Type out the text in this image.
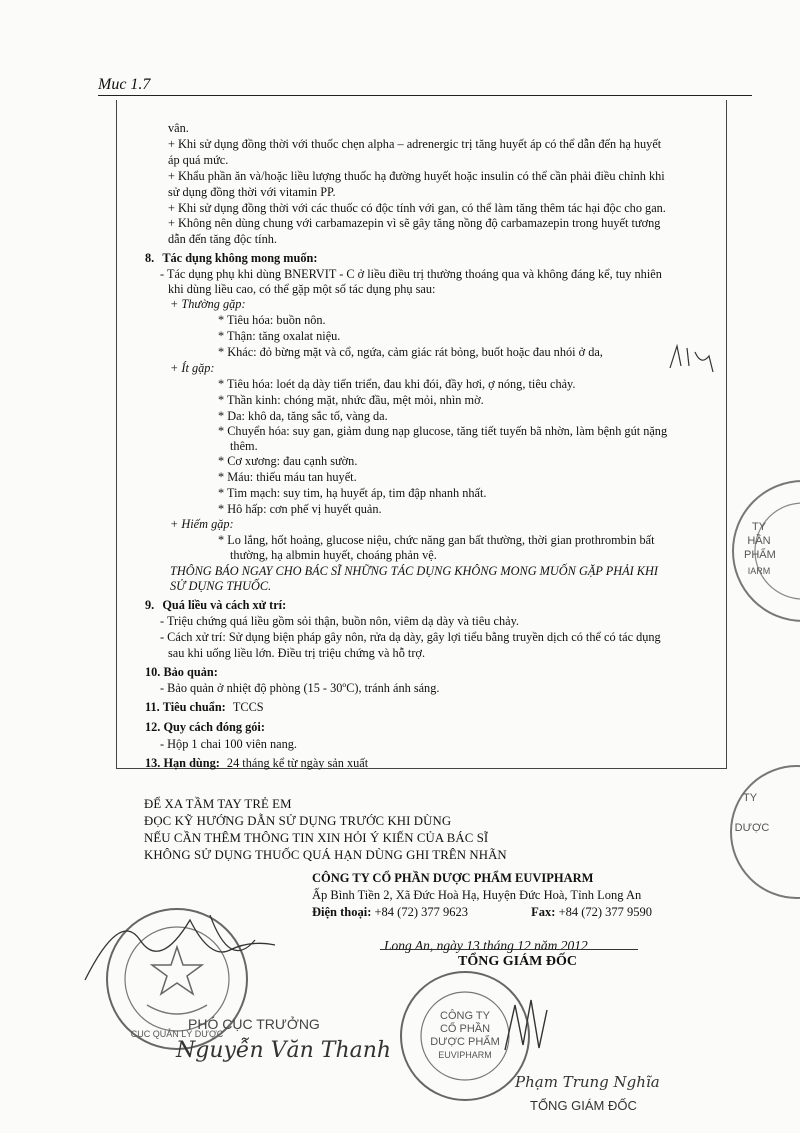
Muc 1.7
vân.
+ Khi sử dụng đồng thời với thuốc chẹn alpha – adrenergic trị tăng huyết áp có thể dẫn đến hạ huyết
áp quá mức.
+ Khẩu phần ăn và/hoặc liều lượng thuốc hạ đường huyết hoặc insulin có thể cần phải điều chỉnh khi
sử dụng đồng thời với vitamin PP.
+ Khi sử dụng đồng thời với các thuốc có độc tính với gan, có thể làm tăng thêm tác hại độc cho gan.
+ Không nên dùng chung với carbamazepin vì sẽ gây tăng nồng độ carbamazepin trong huyết tương
dẫn đến tăng độc tính.
8. Tác dụng không mong muốn:
- Tác dụng phụ khi dùng BNERVIT - C ở liều điều trị thường thoáng qua và không đáng kể, tuy nhiên
khi dùng liều cao, có thể gặp một số tác dụng phụ sau:
+ Thường gặp:
* Tiêu hóa: buồn nôn.
* Thận: tăng oxalat niệu.
* Khác: đỏ bừng mặt và cổ, ngứa, cảm giác rát bỏng, buốt hoặc đau nhói ở da,
+ Ít gặp:
* Tiêu hóa: loét dạ dày tiến triển, đau khi đói, đầy hơi, ợ nóng, tiêu chảy.
* Thần kinh: chóng mặt, nhức đầu, mệt mỏi, nhìn mờ.
* Da: khô da, tăng sắc tố, vàng da.
* Chuyển hóa: suy gan, giảm dung nạp glucose, tăng tiết tuyến bã nhờn, làm bệnh gút nặng
thêm.
* Cơ xương: đau cạnh sườn.
* Máu: thiếu máu tan huyết.
* Tim mạch: suy tim, hạ huyết áp, tim đập nhanh nhất.
* Hô hấp: cơn phế vị huyết quản.
+ Hiếm gặp:
* Lo lắng, hốt hoảng, glucose niệu, chức năng gan bất thường, thời gian prothrombin bất
thường, hạ albmin huyết, choáng phản vệ.
THÔNG BÁO NGAY CHO BÁC SĨ NHỮNG TÁC DỤNG KHÔNG MONG MUỐN GẶP PHẢI KHI
SỬ DỤNG THUỐC.
9. Quá liều và cách xử trí:
- Triệu chứng quá liều gồm sỏi thận, buồn nôn, viêm dạ dày và tiêu chảy.
- Cách xử trí: Sử dụng biện pháp gây nôn, rửa dạ dày, gây lợi tiểu bằng truyền dịch có thể có tác dụng
sau khi uống liều lớn. Điều trị triệu chứng và hỗ trợ.
10. Bảo quản:
- Bảo quản ở nhiệt độ phòng (15 - 30ºC), tránh ánh sáng.
11. Tiêu chuẩn: TCCS
12. Quy cách đóng gói:
- Hộp 1 chai 100 viên nang.
13. Hạn dùng: 24 tháng kể từ ngày sản xuất
ĐỂ XA TẦM TAY TRẺ EM
ĐỌC KỸ HƯỚNG DẪN SỬ DỤNG TRƯỚC KHI DÙNG
NẾU CẦN THÊM THÔNG TIN XIN HỎI Ý KIẾN CỦA BÁC SĨ
KHÔNG SỬ DỤNG THUỐC QUÁ HẠN DÙNG GHI TRÊN NHÃN
CÔNG TY CỔ PHẦN DƯỢC PHẨM EUVIPHARM
Ấp Bình Tiền 2, Xã Đức Hoà Hạ, Huyện Đức Hoà, Tỉnh Long An
Điện thoại: +84 (72) 377 9623	Fax: +84 (72) 377 9590
Long An, ngày 13 tháng 12 năm 2012
TỔNG GIÁM ĐỐC
CỤC QUẢN LÝ DƯỢC
PHÓ CỤC TRƯỞNG
Nguyễn Văn Thanh
CÔNG TY
CỔ PHẦN
DƯỢC PHẨM
EUVIPHARM
Phạm Trung Nghĩa
TỔNG GIÁM ĐỐC
TY
HẦN
PHẨM
IARM
TY
DƯỢC
